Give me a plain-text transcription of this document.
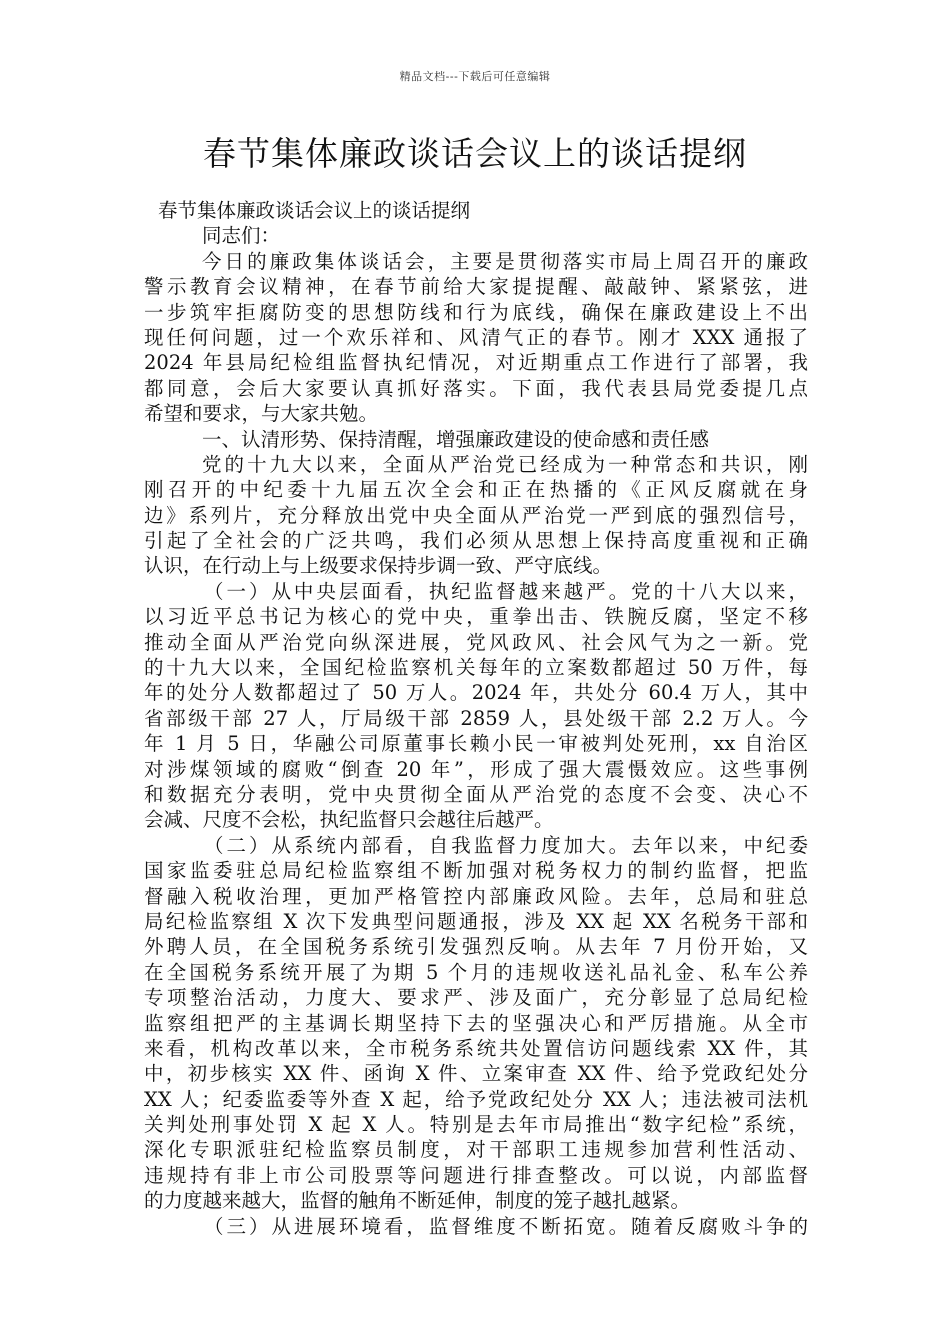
精品文档---下载后可任意编辑
春节集体廉政谈话会议上的谈话提纲
春节集体廉政谈话会议上的谈话提纲
同志们：
今日的廉政集体谈话会，主要是贯彻落实市局上周召开的廉政
警示教育会议精神，在春节前给大家提提醒、敲敲钟、紧紧弦，进
一步筑牢拒腐防变的思想防线和行为底线，确保在廉政建设上不出
现任何问题，过一个欢乐祥和、风清气正的春节。刚才 XXX 通报了
2024 年县局纪检组监督执纪情况，对近期重点工作进行了部署，我
都同意，会后大家要认真抓好落实。下面，我代表县局党委提几点
希望和要求，与大家共勉。
一、认清形势、保持清醒，增强廉政建设的使命感和责任感
党的十九大以来，全面从严治党已经成为一种常态和共识，刚
刚召开的中纪委十九届五次全会和正在热播的《正风反腐就在身
边》系列片，充分释放出党中央全面从严治党一严到底的强烈信号，
引起了全社会的广泛共鸣，我们必须从思想上保持高度重视和正确
认识，在行动上与上级要求保持步调一致、严守底线。
（一）从中央层面看，执纪监督越来越严。党的十八大以来，
以习近平总书记为核心的党中央，重拳出击、铁腕反腐，坚定不移
推动全面从严治党向纵深进展，党风政风、社会风气为之一新。党
的十九大以来，全国纪检监察机关每年的立案数都超过 50 万件，每
年的处分人数都超过了 50 万人。2024 年，共处分 60.4 万人，其中
省部级干部 27 人，厅局级干部 2859 人，县处级干部 2.2 万人。今
年 1 月 5 日，华融公司原董事长赖小民一审被判处死刑，xx 自治区
对涉煤领域的腐败“倒查 20 年”，形成了强大震慑效应。这些事例
和数据充分表明，党中央贯彻全面从严治党的态度不会变、决心不
会减、尺度不会松，执纪监督只会越往后越严。
（二）从系统内部看，自我监督力度加大。去年以来，中纪委
国家监委驻总局纪检监察组不断加强对税务权力的制约监督，把监
督融入税收治理，更加严格管控内部廉政风险。去年，总局和驻总
局纪检监察组 X 次下发典型问题通报，涉及 XX 起 XX 名税务干部和
外聘人员，在全国税务系统引发强烈反响。从去年 7 月份开始，又
在全国税务系统开展了为期 5 个月的违规收送礼品礼金、私车公养
专项整治活动，力度大、要求严、涉及面广，充分彰显了总局纪检
监察组把严的主基调长期坚持下去的坚强决心和严厉措施。从全市
来看，机构改革以来，全市税务系统共处置信访问题线索 XX 件，其
中，初步核实 XX 件、函询 X 件、立案审查 XX 件、给予党政纪处分
XX 人；纪委监委等外查 X 起，给予党政纪处分 XX 人；违法被司法机
关判处刑事处罚 X 起 X 人。特别是去年市局推出“数字纪检”系统，
深化专职派驻纪检监察员制度，对干部职工违规参加营利性活动、
违规持有非上市公司股票等问题进行排查整改。可以说，内部监督
的力度越来越大，监督的触角不断延伸，制度的笼子越扎越紧。
（三）从进展环境看，监督维度不断拓宽。随着反腐败斗争的
